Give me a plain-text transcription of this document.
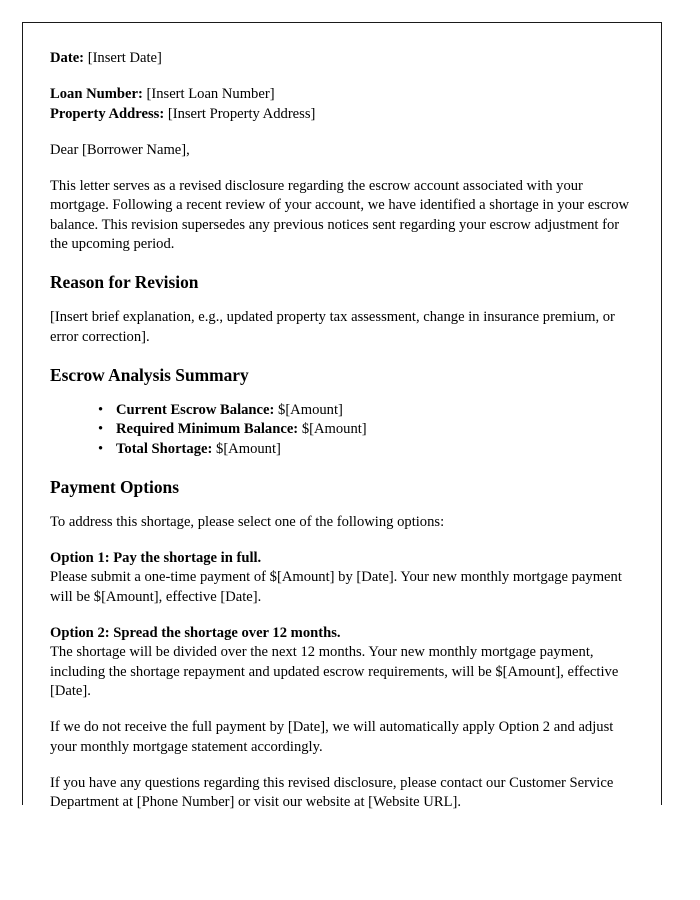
Date: [Insert Date]
Loan Number: [Insert Loan Number]
Property Address: [Insert Property Address]

Dear [Borrower Name],

This letter serves as a revised disclosure regarding the escrow account associated with your mortgage. Following a recent review of your account, we have identified a shortage in your escrow balance. This revision supersedes any previous notices sent regarding your escrow adjustment for the upcoming period.

Reason for Revision

[Insert brief explanation, e.g., updated property tax assessment, change in insurance premium, or error correction].

Escrow Analysis Summary
• Current Escrow Balance: $[Amount]
• Required Minimum Balance: $[Amount]
• Total Shortage: $[Amount]
Payment Options

To address this shortage, please select one of the following options:

Option 1: Pay the shortage in full.
Please submit a one-time payment of $[Amount] by [Date]. Your new monthly mortgage payment will be $[Amount], effective [Date].
Option 2: Spread the shortage over 12 months.
The shortage will be divided over the next 12 months. Your new monthly mortgage payment, including the shortage repayment and updated escrow requirements, will be $[Amount], effective [Date].

If we do not receive the full payment by [Date], we will automatically apply Option 2 and adjust your monthly mortgage statement accordingly.

If you have any questions regarding this revised disclosure, please contact our Customer Service Department at [Phone Number] or visit our website at [Website URL].
